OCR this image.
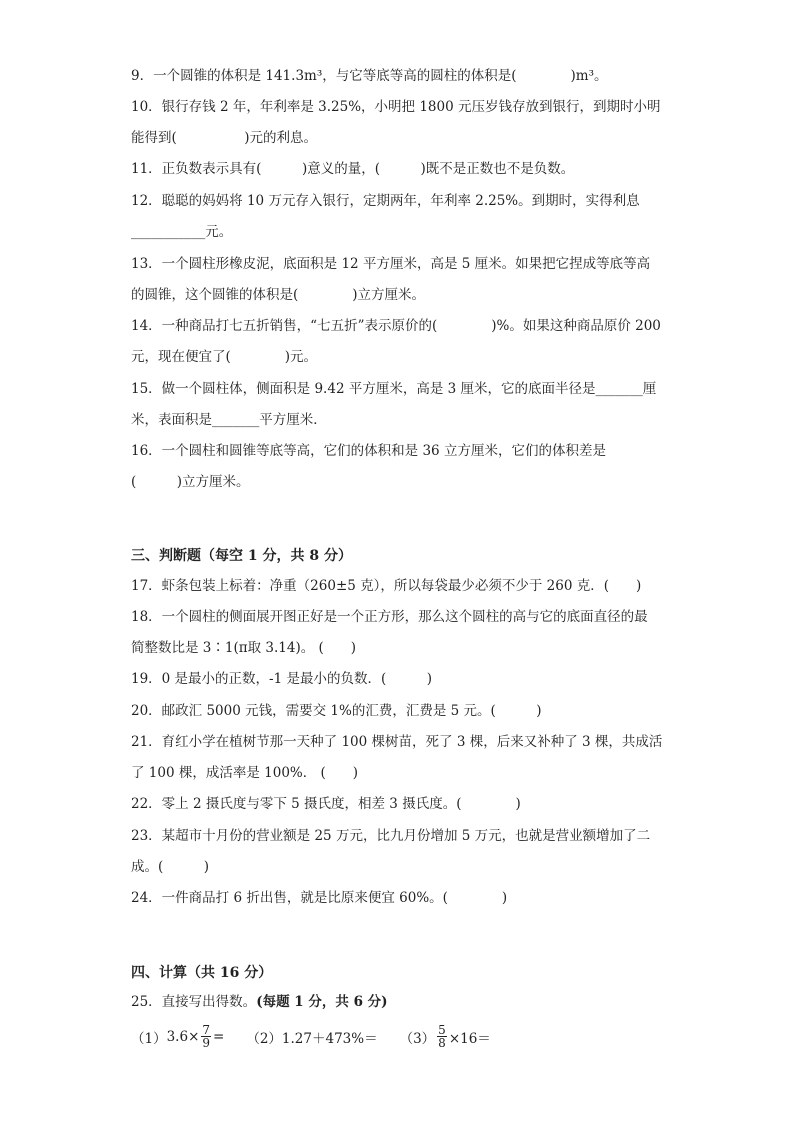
9．一个圆锥的体积是 141.3m³，与它等底等高的圆柱的体积是(　　　　)m³。
10．银行存钱 2 年，年利率是 3.25%，小明把 1800 元压岁钱存放到银行，到期时小明
能得到(　　　　　)元的利息。
11．正负数表示具有(　　　)意义的量，(　　　)既不是正数也不是负数。
12．聪聪的妈妈将 10 万元存入银行，定期两年，年利率 2.25%。到期时，实得利息
___________元。
13．一个圆柱形橡皮泥，底面积是 12 平方厘米，高是 5 厘米。如果把它捏成等底等高
的圆锥，这个圆锥的体积是(　　　　)立方厘米。
14．一种商品打七五折销售，“七五折”表示原价的(　　　　)%。如果这种商品原价 200
元，现在便宜了(　　　　)元。
15．做一个圆柱体，侧面积是 9.42 平方厘米，高是 3 厘米，它的底面半径是_______厘
米，表面积是_______平方厘米．
16．一个圆柱和圆锥等底等高，它们的体积和是 36 立方厘米，它们的体积差是
(　　　)立方厘米。
三、判断题（每空 1 分，共 8 分）
17．虾条包装上标着：净重（260±5 克），所以每袋最少必须不少于 260 克．(　　)
18．一个圆柱的侧面展开图正好是一个正方形，那么这个圆柱的高与它的底面直径的最
简整数比是 3∶1(π取 3.14)。 (　　)
19．0 是最小的正数，-1 是最小的负数．(　　　)
20．邮政汇 5000 元钱，需要交 1%的汇费，汇费是 5 元。(　　　)
21．育红小学在植树节那一天种了 100 棵树苗，死了 3 棵，后来又补种了 3 棵，共成活
了 100 棵，成活率是 100%． (　　)
22．零上 2 摄氏度与零下 5 摄氏度，相差 3 摄氏度。(　　　　)
23．某超市十月份的营业额是 25 万元，比九月份增加 5 万元，也就是营业额增加了二
成。(　　　)
24．一件商品打 6 折出售，就是比原来便宜 60%。(　　　　)
四、计算（共 16 分）
25．直接写出得数。(每题 1 分，共 6 分)
（1） $3.6\times \frac{7}{9} = (2)$ $1.27+473\%= (3) \frac{5}{8} \times 16=$
